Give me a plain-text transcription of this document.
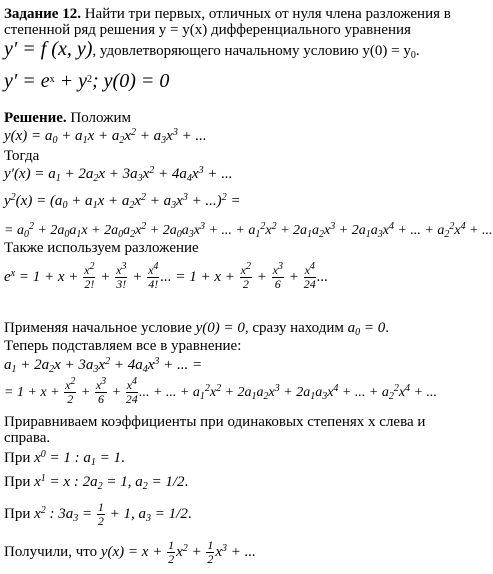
Задание 12. Найти три первых, отличных от нуля члена разложения в
степенной ряд решения y = y(x) дифференциального уравнения
y′ = f (x, y), удовлетворяющего начальному условию $y(0) = y_0$.
$y' = e^x + y^2$; y(0) = 0
Решение. Положим
$y(x) = a_0 + a_1x + a_2x^2 + a_3x^3$ + ...
Тогда
$y'(x) = a_1 + 2a_2x + 3a_3x^2 + 4a_4x^3$ + ...
$y^2(x) = (a_0 + a_1x + a_2x^2 + a_3x^3 + ...)^2$ =
= $a_0^2 + 2a_0a_1x + 2a_0a_2x^2 + 2a_0a_3x^3$ + ... + $a_1^2x^2 + 2a_1a_2x^3 + 2a_1a_3x^4$ + ... + $a_2^2x^4$ + ...
Также используем разложение
$e^x = 1 + x + \frac{x^2}{2!} + \frac{x^3}{3!} + \frac{x^4}{4!}$ ... = $1 + x + \frac{x^2}{2} + \frac{x^3}{6} + \frac{x^4}{24}$ ...
Применяя начальное условие y(0) = 0, сразу находим $a_0 = 0$.
Теперь подставляем все в уравнение:
$a_1 + 2a_2x + 3a_3x^2 + 4a_4x^3$ + ... =
= $1 + x + \frac{x^2}{2} + \frac{x^3}{6} + \frac{x^4}{24}$ ... + ... + $a_1^2x^2 + 2a_1a_2x^3 + 2a_1a_3x^4$ + ... + $a_2^2x^4$ + ...
Приравниваем коэффициенты при одинаковых степенях x слева и
справа.
При $x^0 = 1$ : $a_1 = 1$.
При $x^1 = x$ : $2a_2 = 1$, $a_2 = 1/2$.
При $x^2$ : $3a_3 = \frac{1}{2} + 1$, $a_3 = 1/2$.
Получили, что $y(x) = x + \frac{1}{2} x^2 + \frac{1}{2} x^3$ + ...
